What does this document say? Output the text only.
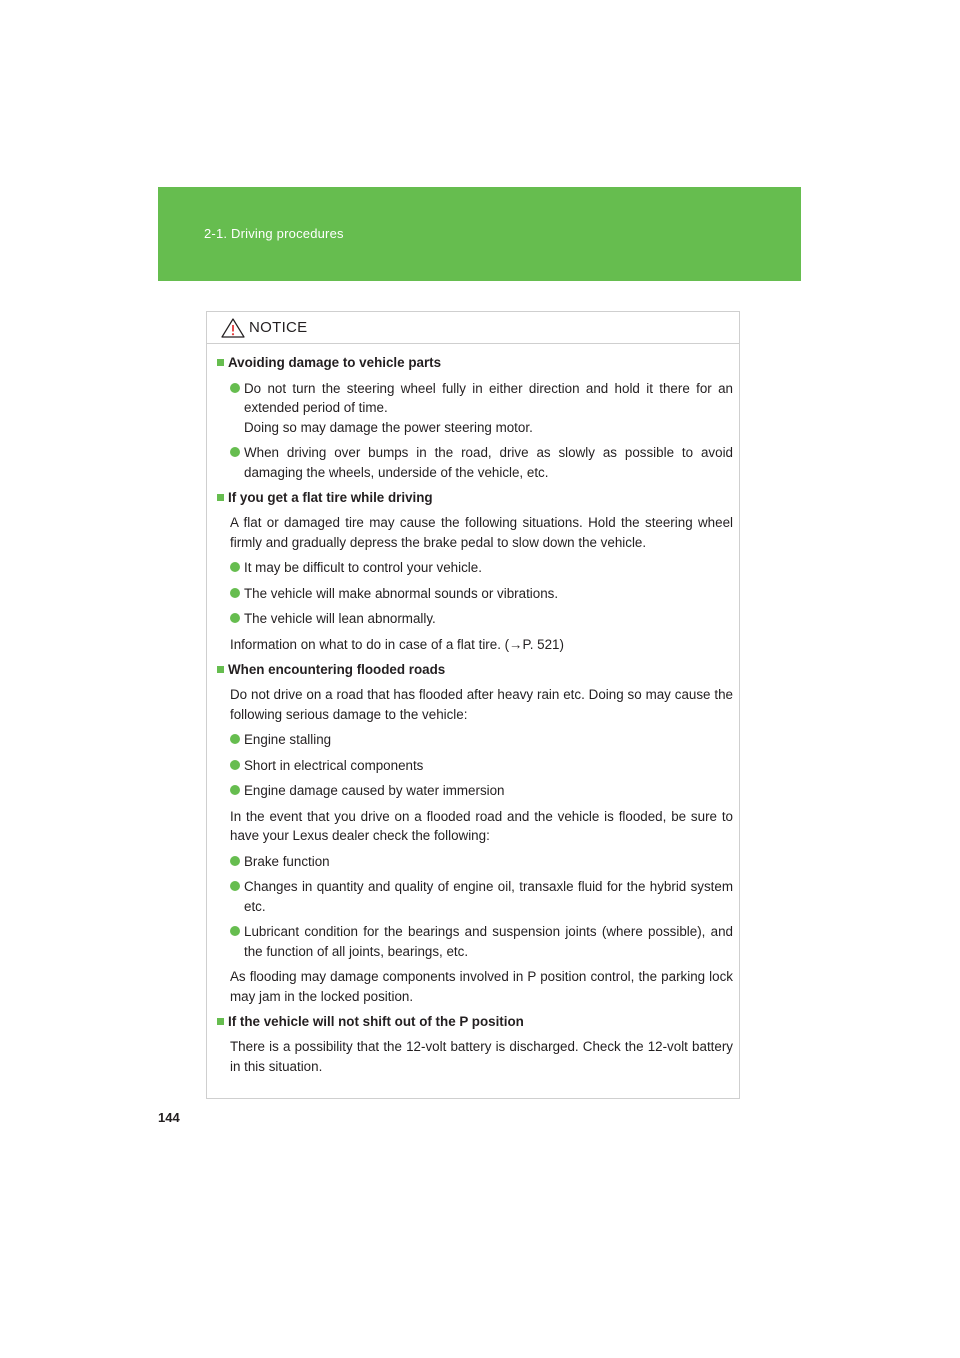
2-1. Driving procedures
NOTICE
Avoiding damage to vehicle parts
Do not turn the steering wheel fully in either direction and hold it there for an extended period of time.
Doing so may damage the power steering motor.
When driving over bumps in the road, drive as slowly as possible to avoid damaging the wheels, underside of the vehicle, etc.
If you get a flat tire while driving
A flat or damaged tire may cause the following situations. Hold the steering wheel firmly and gradually depress the brake pedal to slow down the vehicle.
It may be difficult to control your vehicle.
The vehicle will make abnormal sounds or vibrations.
The vehicle will lean abnormally.
Information on what to do in case of a flat tire. (→P. 521)
When encountering flooded roads
Do not drive on a road that has flooded after heavy rain etc. Doing so may cause the following serious damage to the vehicle:
Engine stalling
Short in electrical components
Engine damage caused by water immersion
In the event that you drive on a flooded road and the vehicle is flooded, be sure to have your Lexus dealer check the following:
Brake function
Changes in quantity and quality of engine oil, transaxle fluid for the hybrid system etc.
Lubricant condition for the bearings and suspension joints (where possible), and the function of all joints, bearings, etc.
As flooding may damage components involved in P position control, the parking lock may jam in the locked position.
If the vehicle will not shift out of the P position
There is a possibility that the 12-volt battery is discharged. Check the 12-volt battery in this situation.
144
